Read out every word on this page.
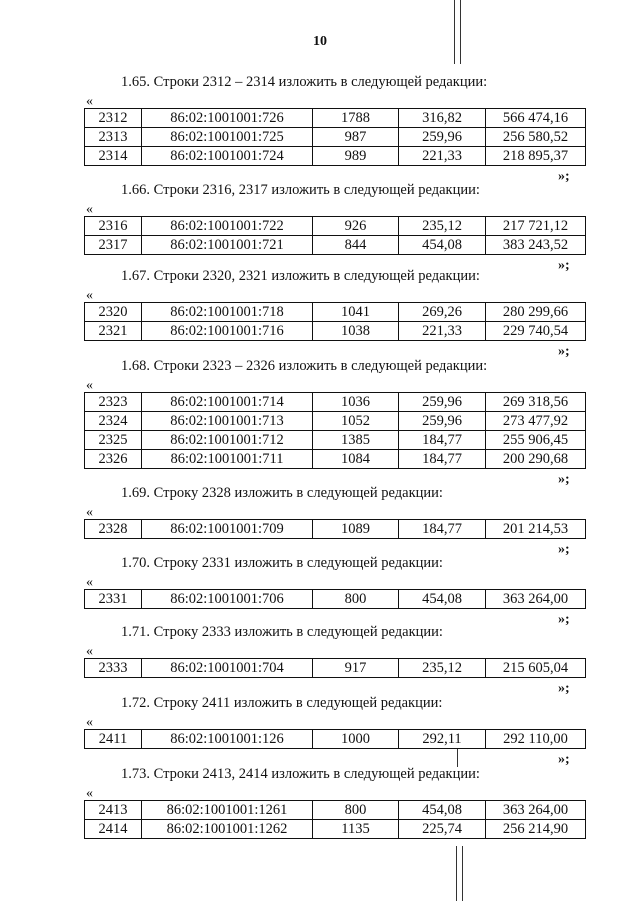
10
1.65. Строки 2312 – 2314 изложить в следующей редакции:
«
2312	86:02:1001001:726	1788	316,82	566 474,16
2313	86:02:1001001:725	987	259,96	256 580,52
2314	86:02:1001001:724	989	221,33	218 895,37
»;
1.66. Строки 2316, 2317 изложить в следующей редакции:
«
2316	86:02:1001001:722	926	235,12	217 721,12
2317	86:02:1001001:721	844	454,08	383 243,52
»;
1.67. Строки 2320, 2321 изложить в следующей редакции:
«
2320	86:02:1001001:718	1041	269,26	280 299,66
2321	86:02:1001001:716	1038	221,33	229 740,54
»;
1.68. Строки 2323 – 2326 изложить в следующей редакции:
«
2323	86:02:1001001:714	1036	259,96	269 318,56
2324	86:02:1001001:713	1052	259,96	273 477,92
2325	86:02:1001001:712	1385	184,77	255 906,45
2326	86:02:1001001:711	1084	184,77	200 290,68
»;
1.69. Строку 2328 изложить в следующей редакции:
«
2328	86:02:1001001:709	1089	184,77	201 214,53
»;
1.70. Строку 2331 изложить в следующей редакции:
«
2331	86:02:1001001:706	800	454,08	363 264,00
»;
1.71. Строку 2333 изложить в следующей редакции:
«
2333	86:02:1001001:704	917	235,12	215 605,04
»;
1.72. Строку 2411 изложить в следующей редакции:
«
2411	86:02:1001001:126	1000	292,11	292 110,00
»;
1.73. Строки 2413, 2414 изложить в следующей редакции:
«
2413	86:02:1001001:1261	800	454,08	363 264,00
2414	86:02:1001001:1262	1135	225,74	256 214,90
